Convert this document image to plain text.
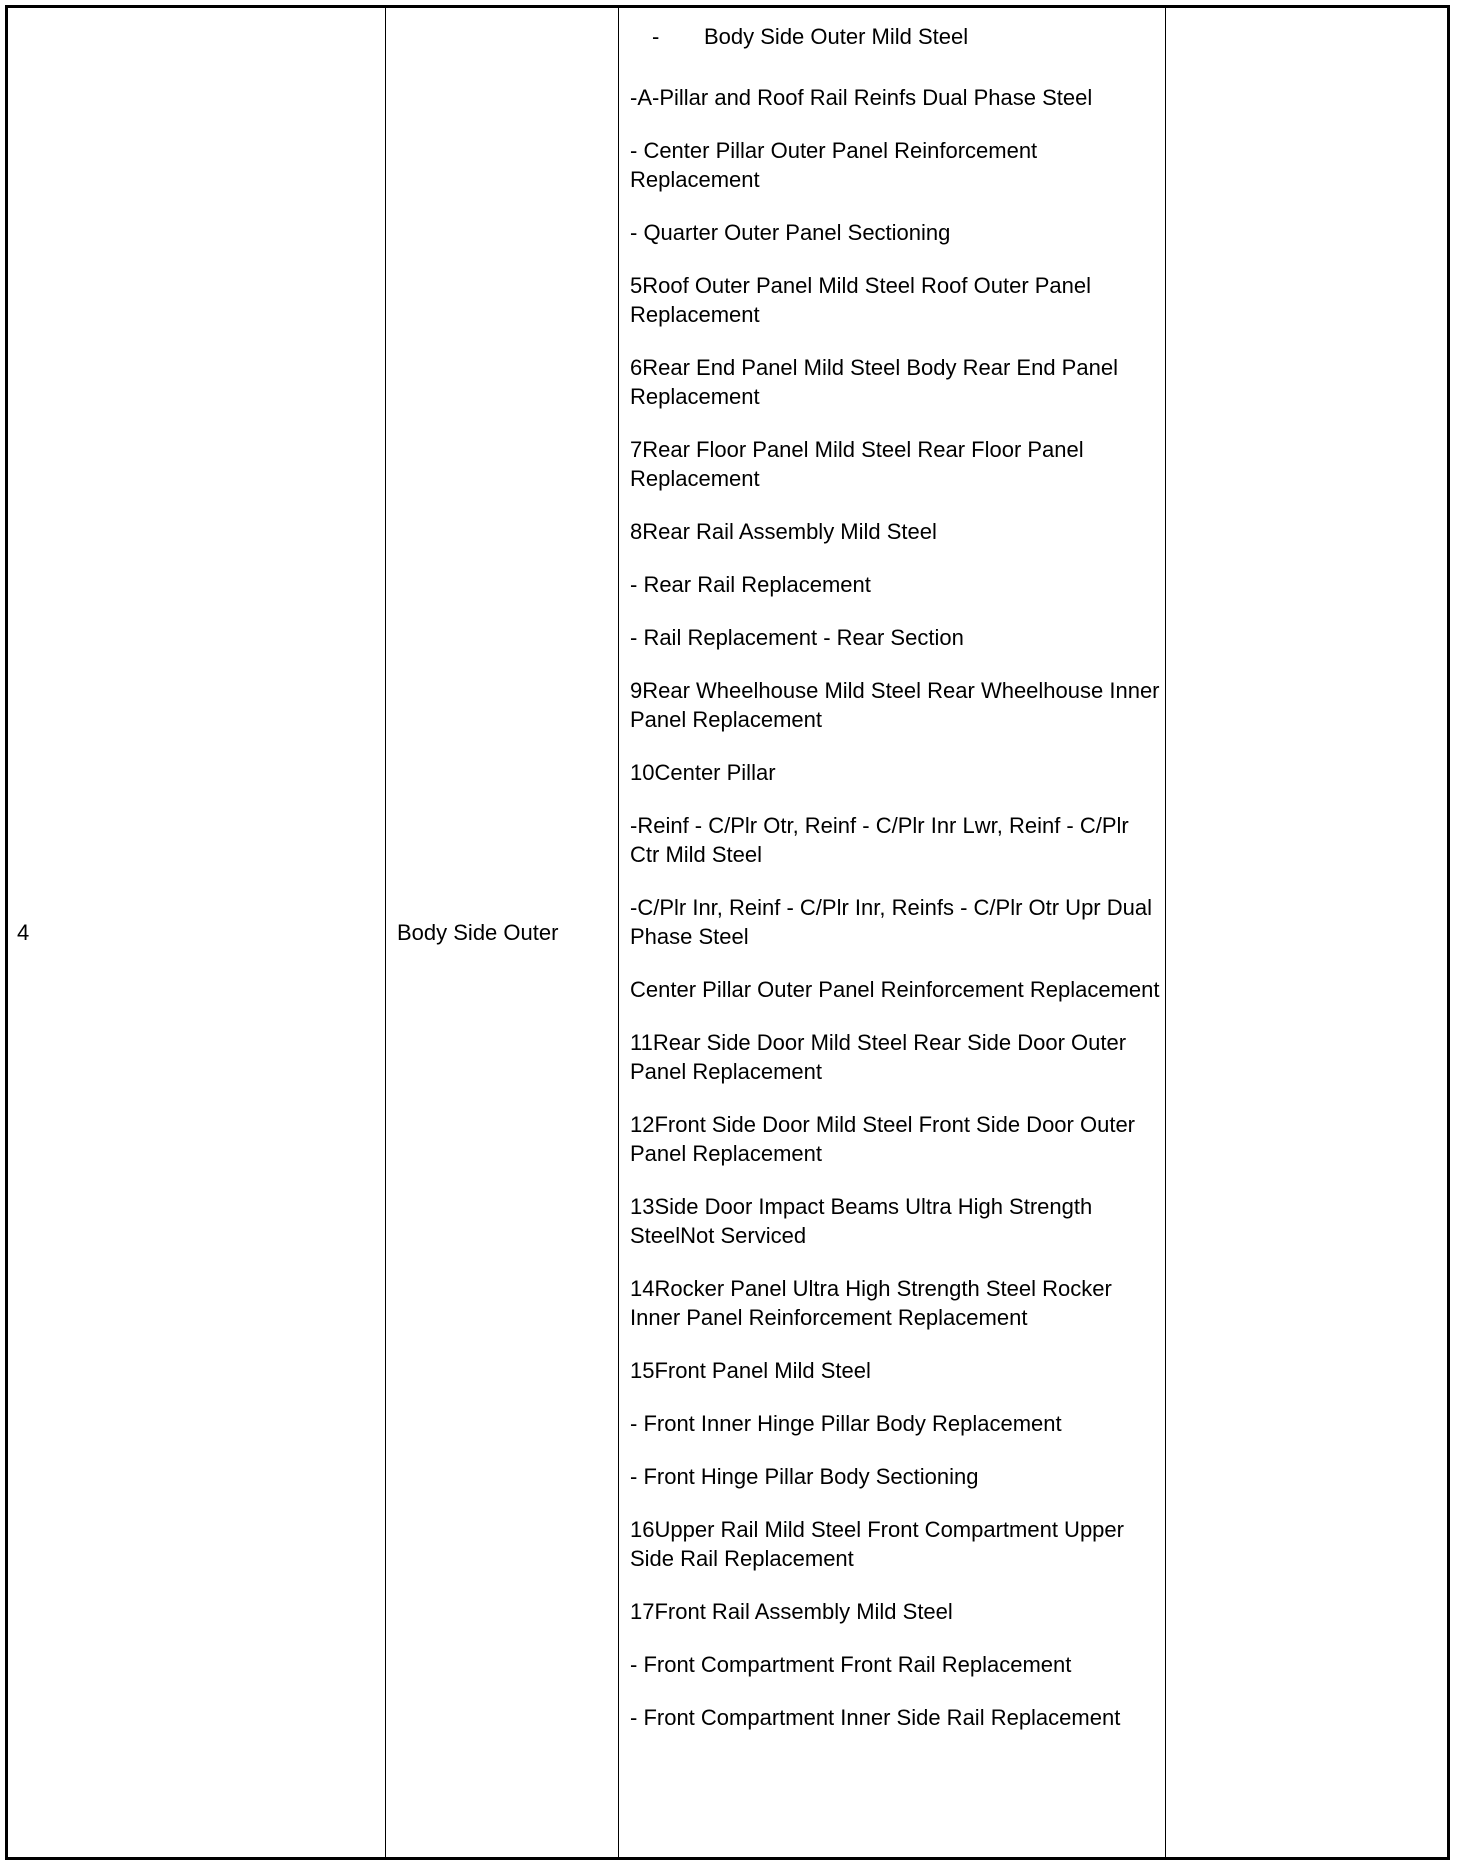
4	Body Side Outer
- Body Side Outer Mild Steel
-A-Pillar and Roof Rail Reinfs Dual Phase Steel
- Center Pillar Outer Panel Reinforcement Replacement
- Quarter Outer Panel Sectioning
5Roof Outer Panel Mild Steel Roof Outer Panel Replacement
6Rear End Panel Mild Steel Body Rear End Panel Replacement
7Rear Floor Panel Mild Steel Rear Floor Panel Replacement
8Rear Rail Assembly Mild Steel
- Rear Rail Replacement
- Rail Replacement - Rear Section
9Rear Wheelhouse Mild Steel Rear Wheelhouse Inner Panel Replacement
10Center Pillar
-Reinf - C/Plr Otr, Reinf - C/Plr Inr Lwr, Reinf - C/Plr Ctr Mild Steel
-C/Plr Inr, Reinf - C/Plr Inr, Reinfs - C/Plr Otr Upr Dual Phase Steel
Center Pillar Outer Panel Reinforcement Replacement
11Rear Side Door Mild Steel Rear Side Door Outer Panel Replacement
12Front Side Door Mild Steel Front Side Door Outer Panel Replacement
13Side Door Impact Beams Ultra High Strength SteelNot Serviced
14Rocker Panel Ultra High Strength Steel Rocker Inner Panel Reinforcement Replacement
15Front Panel Mild Steel
- Front Inner Hinge Pillar Body Replacement
- Front Hinge Pillar Body Sectioning
16Upper Rail Mild Steel Front Compartment Upper Side Rail Replacement
17Front Rail Assembly Mild Steel
- Front Compartment Front Rail Replacement
- Front Compartment Inner Side Rail Replacement
